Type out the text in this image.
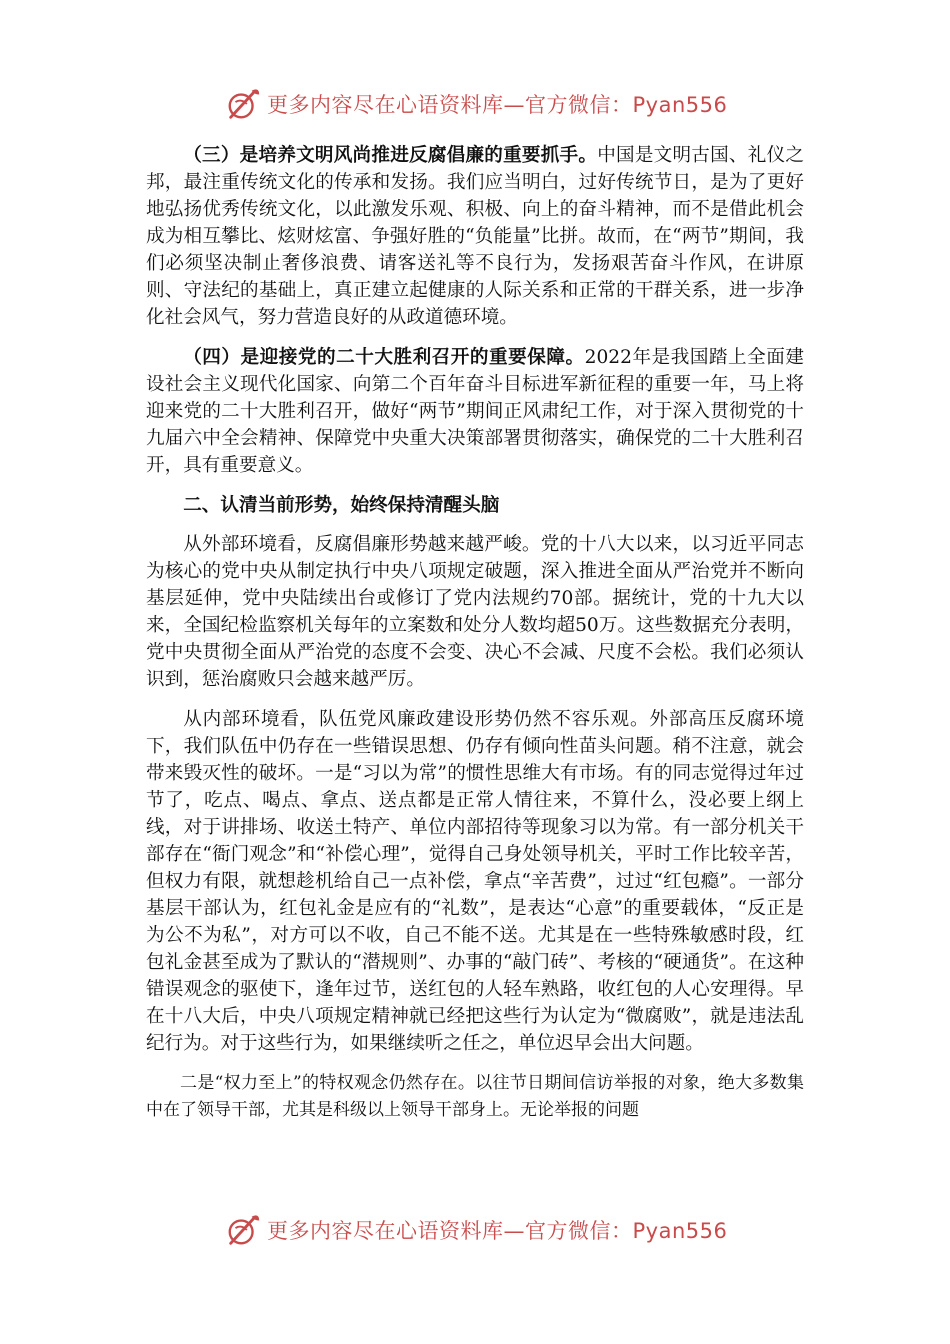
更多内容尽在心语资料库—官方微信：Pyan556

（三）是培养文明风尚推进反腐倡廉的重要抓手。中国是文明古国、礼仪之邦，最注重传统文化的传承和发扬。我们应当明白，过好传统节日，是为了更好地弘扬优秀传统文化，以此激发乐观、积极、向上的奋斗精神，而不是借此机会成为相互攀比、炫财炫富、争强好胜的“负能量”比拼。故而，在“两节”期间，我们必须坚决制止奢侈浪费、请客送礼等不良行为，发扬艰苦奋斗作风，在讲原则、守法纪的基础上，真正建立起健康的人际关系和正常的干群关系，进一步净化社会风气，努力营造良好的从政道德环境。

（四）是迎接党的二十大胜利召开的重要保障。2022年是我国踏上全面建设社会主义现代化国家、向第二个百年奋斗目标进军新征程的重要一年，马上将迎来党的二十大胜利召开，做好“两节”期间正风肃纪工作，对于深入贯彻党的十九届六中全会精神、保障党中央重大决策部署贯彻落实，确保党的二十大胜利召开，具有重要意义。

二、认清当前形势，始终保持清醒头脑

从外部环境看，反腐倡廉形势越来越严峻。党的十八大以来，以习近平同志为核心的党中央从制定执行中央八项规定破题，深入推进全面从严治党并不断向基层延伸，党中央陆续出台或修订了党内法规约70部。据统计，党的十九大以来，全国纪检监察机关每年的立案数和处分人数均超50万。这些数据充分表明，党中央贯彻全面从严治党的态度不会变、决心不会减、尺度不会松。我们必须认识到，惩治腐败只会越来越严厉。

从内部环境看，队伍党风廉政建设形势仍然不容乐观。外部高压反腐环境下，我们队伍中仍存在一些错误思想、仍存有倾向性苗头问题。稍不注意，就会带来毁灭性的破坏。一是“习以为常”的惯性思维大有市场。有的同志觉得过年过节了，吃点、喝点、拿点、送点都是正常人情往来，不算什么，没必要上纲上线，对于讲排场、收送土特产、单位内部招待等现象习以为常。有一部分机关干部存在“衙门观念”和“补偿心理”，觉得自己身处领导机关，平时工作比较辛苦，但权力有限，就想趁机给自己一点补偿，拿点“辛苦费”，过过“红包瘾”。一部分基层干部认为，红包礼金是应有的“礼数”，是表达“心意”的重要载体，“反正是为公不为私”，对方可以不收，自己不能不送。尤其是在一些特殊敏感时段，红包礼金甚至成为了默认的“潜规则”、办事的“敲门砖”、考核的“硬通货”。在这种错误观念的驱使下，逢年过节，送红包的人轻车熟路，收红包的人心安理得。早在十八大后，中央八项规定精神就已经把这些行为认定为“微腐败”，就是违法乱纪行为。对于这些行为，如果继续听之任之，单位迟早会出大问题。

二是“权力至上”的特权观念仍然存在。以往节日期间信访举报的对象，绝大多数集中在了领导干部，尤其是科级以上领导干部身上。无论举报的问题

更多内容尽在心语资料库—官方微信：Pyan556
